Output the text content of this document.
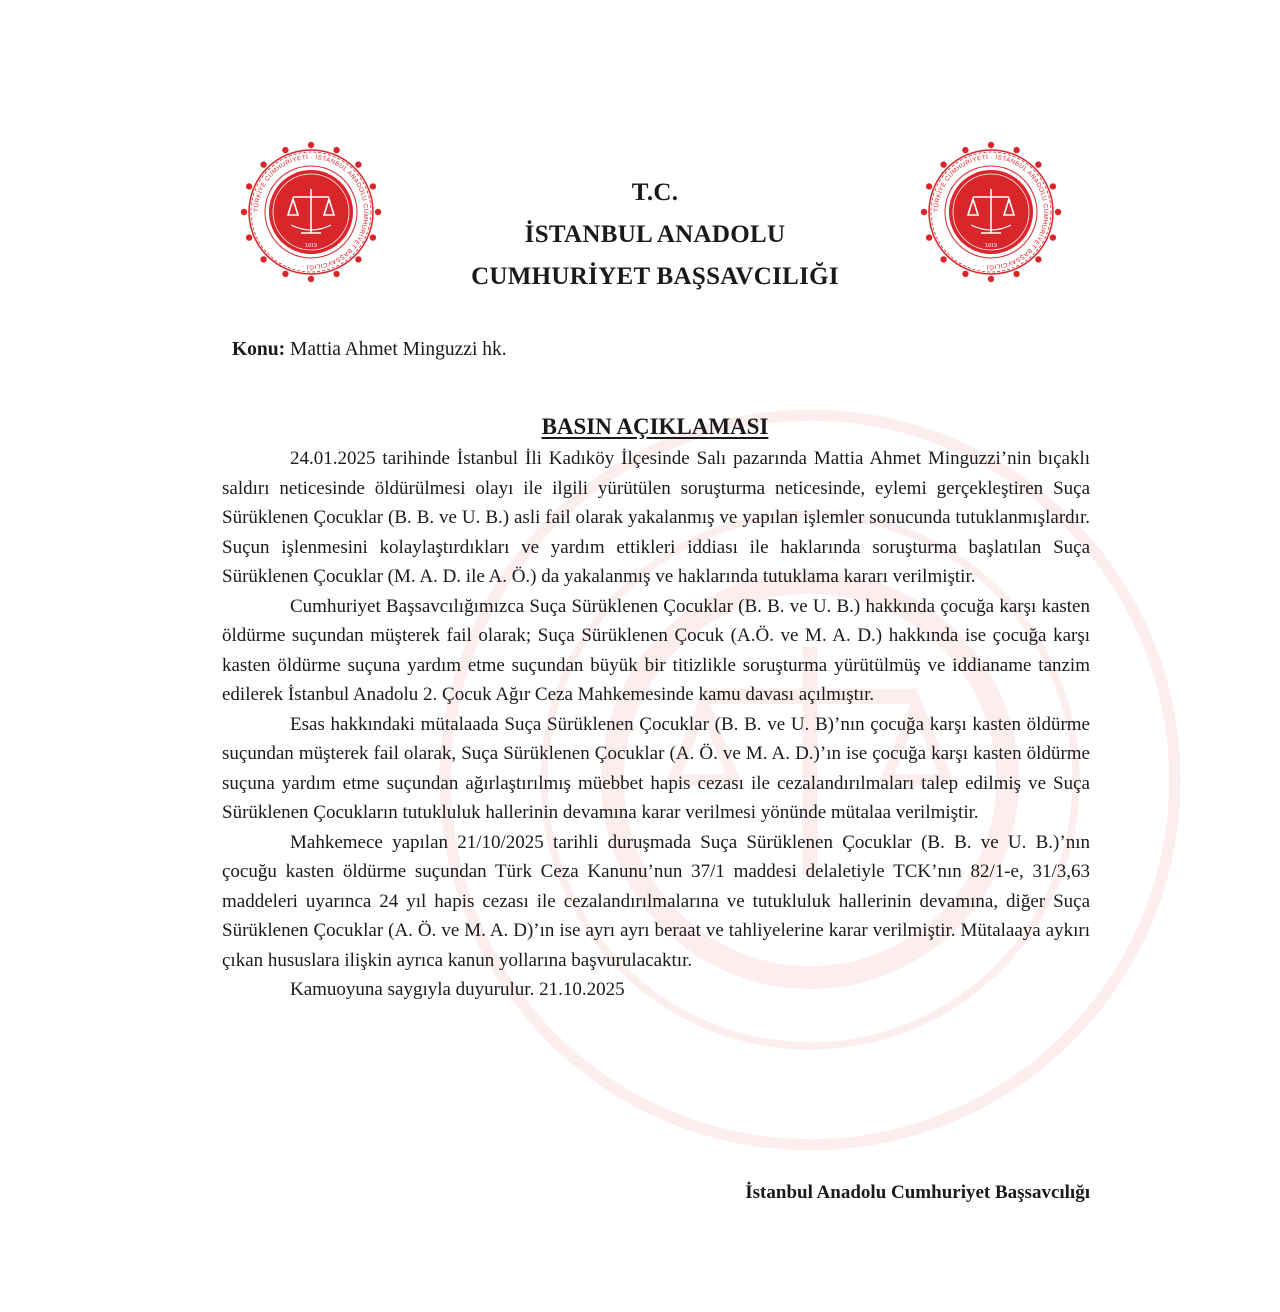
TÜRKİYE CUMHURİYETİ · İSTANBUL ANADOLU CUMHURİYET BAŞSAVCILIĞI ·
1919
TÜRKİYE CUMHURİYETİ · İSTANBUL ANADOLU CUMHURİYET BAŞSAVCILIĞI ·
1919
T.C.
İSTANBUL ANADOLU
CUMHURİYET BAŞSAVCILIĞI
Konu: Mattia Ahmet Minguzzi hk.
BASIN AÇIKLAMASI

24.01.2025 tarihinde İstanbul İli Kadıköy İlçesinde Salı pazarında Mattia Ahmet Minguzzi’nin bıçaklı saldırı neticesinde öldürülmesi olayı ile ilgili yürütülen soruşturma neticesinde, eylemi gerçekleştiren Suça Sürüklenen Çocuklar (B. B. ve U. B.) asli fail olarak yakalanmış ve yapılan işlemler sonucunda tutuklanmışlardır. Suçun işlenmesini kolaylaştırdıkları ve yardım ettikleri iddiası ile haklarında soruşturma başlatılan Suça Sürüklenen Çocuklar (M. A. D. ile A. Ö.) da yakalanmış ve haklarında tutuklama kararı verilmiştir.

Cumhuriyet Başsavcılığımızca Suça Sürüklenen Çocuklar (B. B. ve U. B.) hakkında çocuğa karşı kasten öldürme suçundan müşterek fail olarak; Suça Sürüklenen Çocuk (A.Ö. ve M. A. D.) hakkında ise çocuğa karşı kasten öldürme suçuna yardım etme suçundan büyük bir titizlikle soruşturma yürütülmüş ve iddianame tanzim edilerek İstanbul Anadolu 2. Çocuk Ağır Ceza Mahkemesinde kamu davası açılmıştır.

Esas hakkındaki mütalaada Suça Sürüklenen Çocuklar (B. B. ve U. B)’nın çocuğa karşı kasten öldürme suçundan müşterek fail olarak, Suça Sürüklenen Çocuklar (A. Ö. ve M. A. D.)’ın ise çocuğa karşı kasten öldürme suçuna yardım etme suçundan ağırlaştırılmış müebbet hapis cezası ile cezalandırılmaları talep edilmiş ve Suça Sürüklenen Çocukların tutukluluk hallerinin devamına karar verilmesi yönünde mütalaa verilmiştir.

Mahkemece yapılan 21/10/2025 tarihli duruşmada Suça Sürüklenen Çocuklar (B. B. ve U. B.)’nın çocuğu kasten öldürme suçundan Türk Ceza Kanunu’nun 37/1 maddesi delaletiyle TCK’nın 82/1-e, 31/3,63 maddeleri uyarınca 24 yıl hapis cezası ile cezalandırılmalarına ve tutukluluk hallerinin devamına, diğer Suça Sürüklenen Çocuklar (A. Ö. ve M. A. D)’ın ise ayrı ayrı beraat ve tahliyelerine karar verilmiştir. Mütalaaya aykırı çıkan hususlara ilişkin ayrıca kanun yollarına başvurulacaktır.

Kamuoyuna saygıyla duyurulur. 21.10.2025

İstanbul Anadolu Cumhuriyet Başsavcılığı
